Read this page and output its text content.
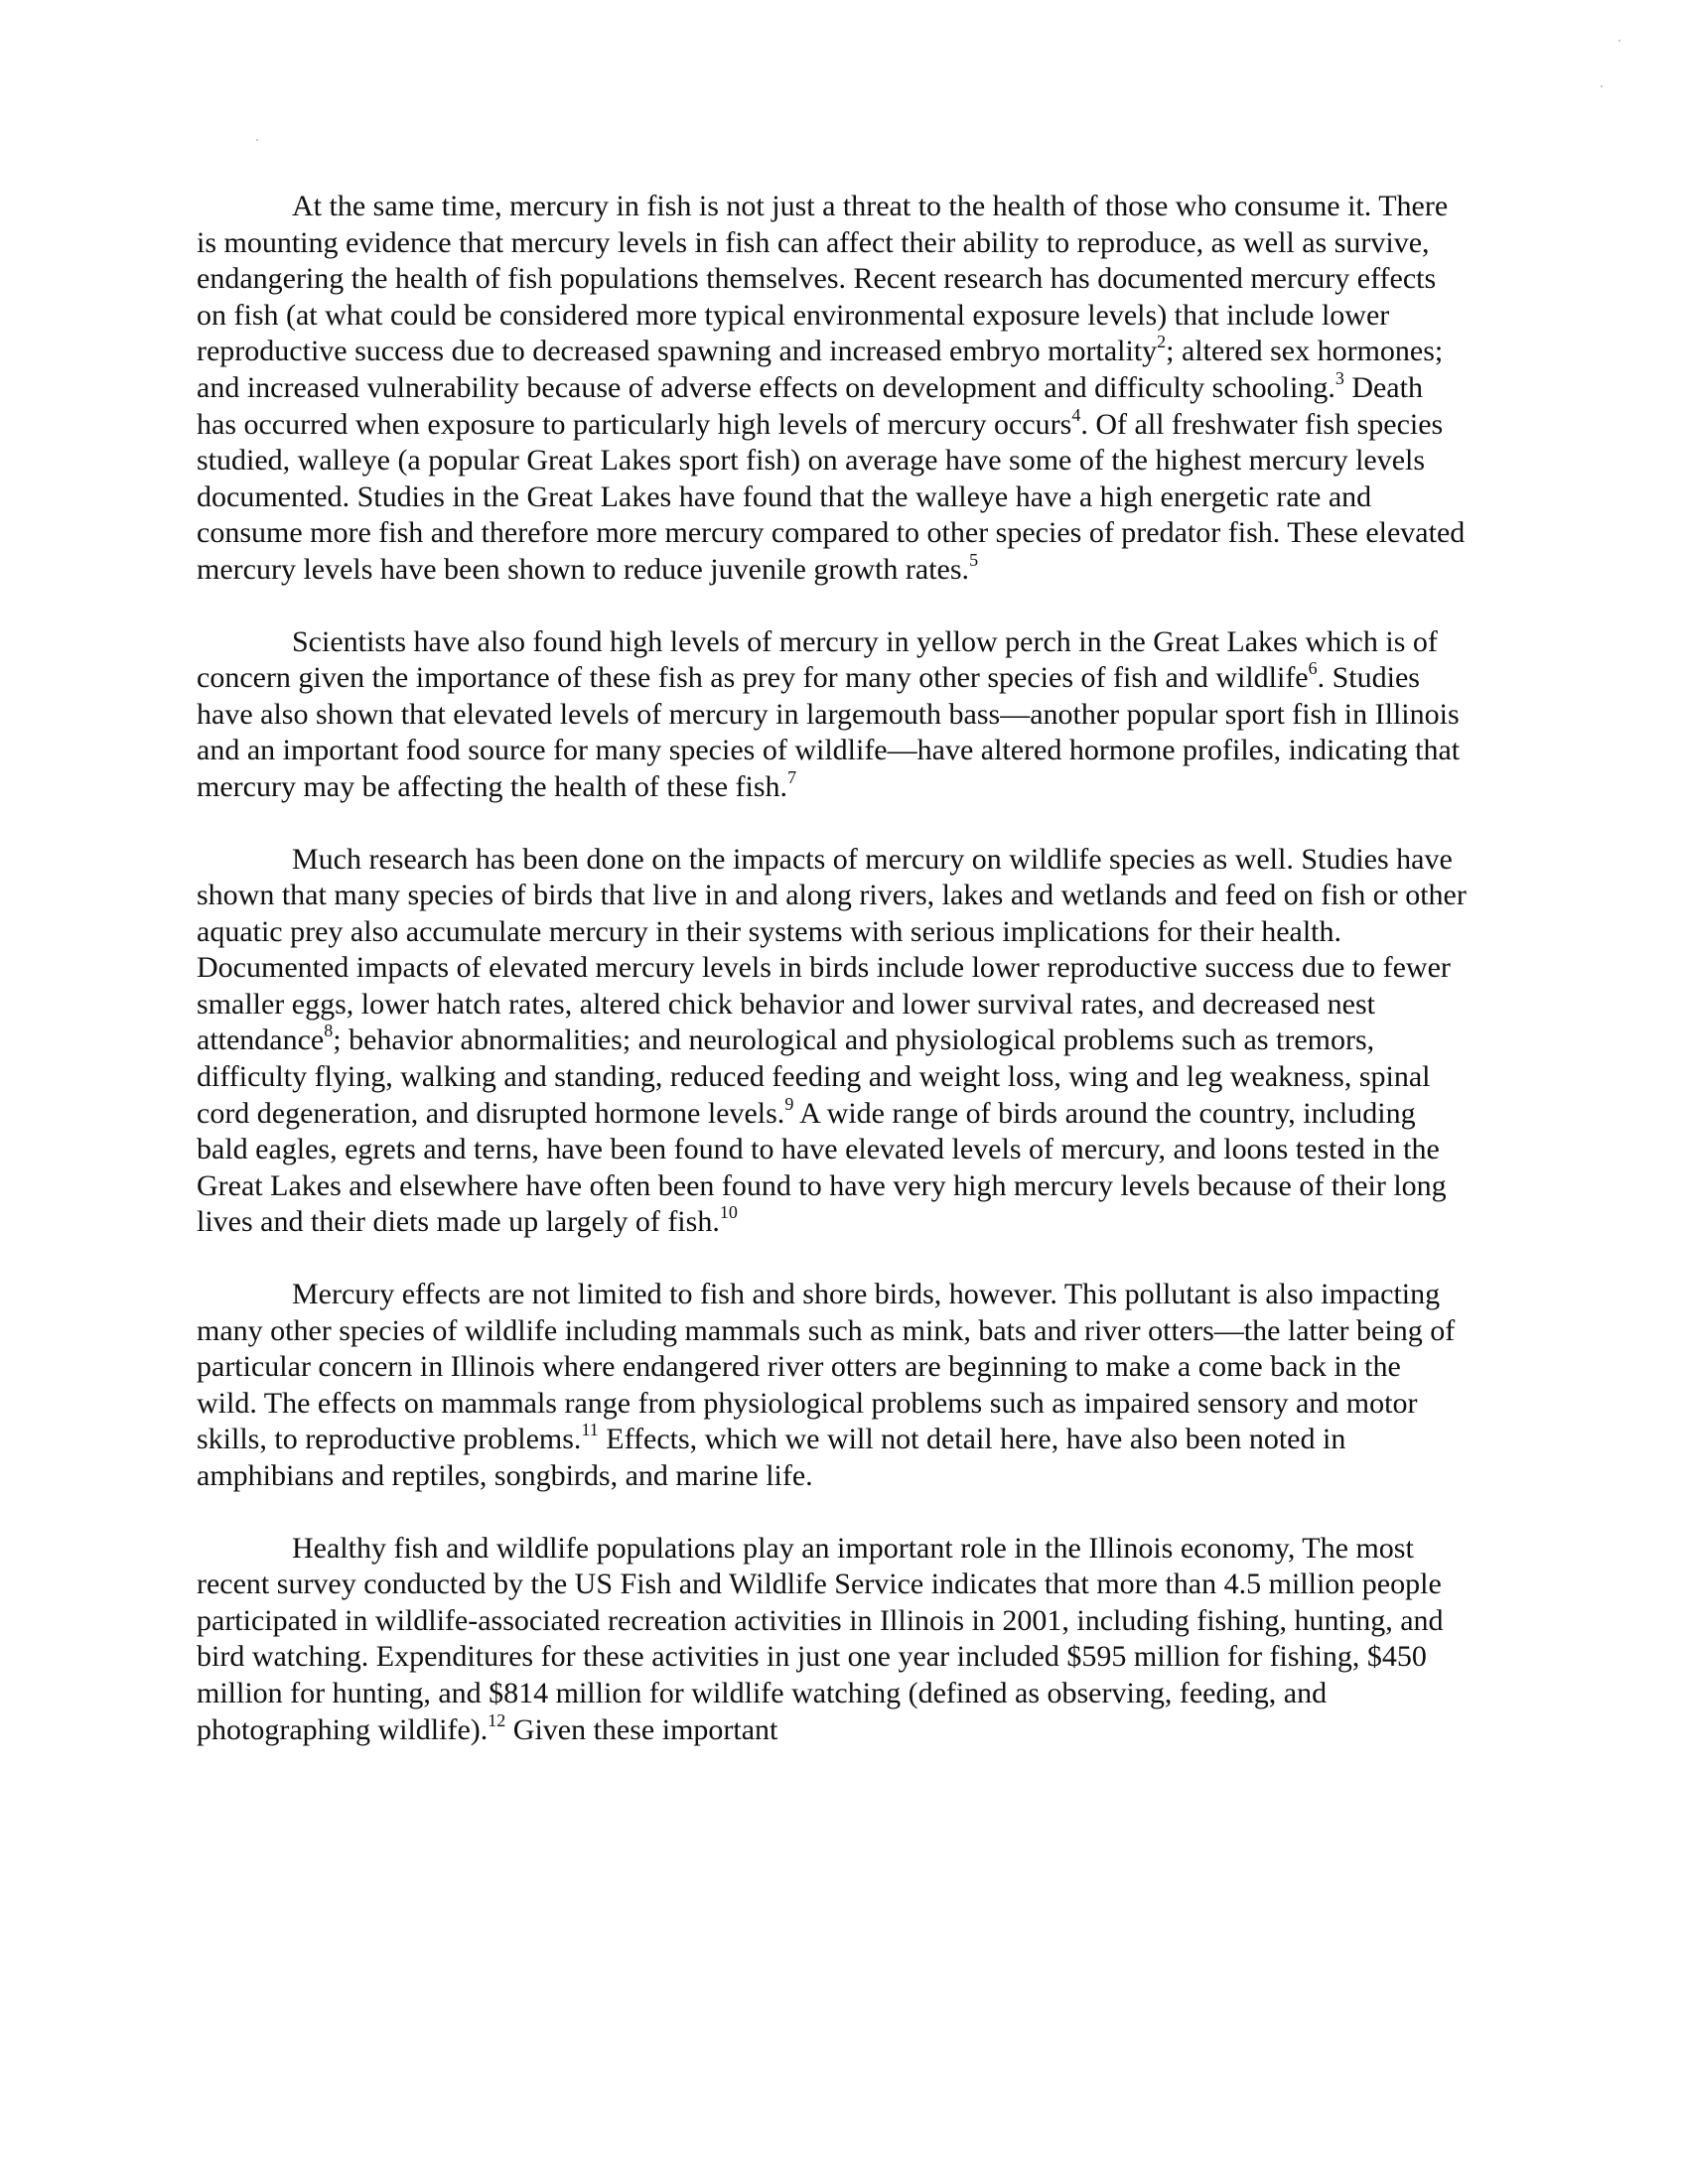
At the same time, mercury in fish is not just a threat to the health of those who consume it. There is mounting evidence that mercury levels in fish can affect their ability to reproduce, as well as survive, endangering the health of fish populations themselves. Recent research has documented mercury effects on fish (at what could be considered more typical environmental exposure levels) that include lower reproductive success due to decreased spawning and increased embryo mortality$^2$; altered sex hormones; and increased vulnerability because of adverse effects on development and difficulty schooling.$^3$ Death has occurred when exposure to particularly high levels of mercury occurs$^4$. Of all freshwater fish species studied, walleye (a popular Great Lakes sport fish) on average have some of the highest mercury levels documented. Studies in the Great Lakes have found that the walleye have a high energetic rate and consume more fish and therefore more mercury compared to other species of predator fish. These elevated mercury levels have been shown to reduce juvenile growth rates.$^5$

Scientists have also found high levels of mercury in yellow perch in the Great Lakes which is of concern given the importance of these fish as prey for many other species of fish and wildlife$^6$. Studies have also shown that elevated levels of mercury in largemouth bass—another popular sport fish in Illinois and an important food source for many species of wildlife—have altered hormone profiles, indicating that mercury may be affecting the health of these fish.$^7$

Much research has been done on the impacts of mercury on wildlife species as well. Studies have shown that many species of birds that live in and along rivers, lakes and wetlands and feed on fish or other aquatic prey also accumulate mercury in their systems with serious implications for their health. Documented impacts of elevated mercury levels in birds include lower reproductive success due to fewer smaller eggs, lower hatch rates, altered chick behavior and lower survival rates, and decreased nest attendance$^8$; behavior abnormalities; and neurological and physiological problems such as tremors, difficulty flying, walking and standing, reduced feeding and weight loss, wing and leg weakness, spinal cord degeneration, and disrupted hormone levels.$^9$ A wide range of birds around the country, including bald eagles, egrets and terns, have been found to have elevated levels of mercury, and loons tested in the Great Lakes and elsewhere have often been found to have very high mercury levels because of their long lives and their diets made up largely of fish.$^{10}$

Mercury effects are not limited to fish and shore birds, however. This pollutant is also impacting many other species of wildlife including mammals such as mink, bats and river otters—the latter being of particular concern in Illinois where endangered river otters are beginning to make a come back in the wild. The effects on mammals range from physiological problems such as impaired sensory and motor skills, to reproductive problems.$^{11}$ Effects, which we will not detail here, have also been noted in amphibians and reptiles, songbirds, and marine life.

Healthy fish and wildlife populations play an important role in the Illinois economy, The most recent survey conducted by the US Fish and Wildlife Service indicates that more than 4.5 million people participated in wildlife-associated recreation activities in Illinois in 2001, including fishing, hunting, and bird watching. Expenditures for these activities in just one year included $595 million for fishing, $450 million for hunting, and $814 million for wildlife watching (defined as observing, feeding, and photographing wildlife).$^{12}$ Given these important
